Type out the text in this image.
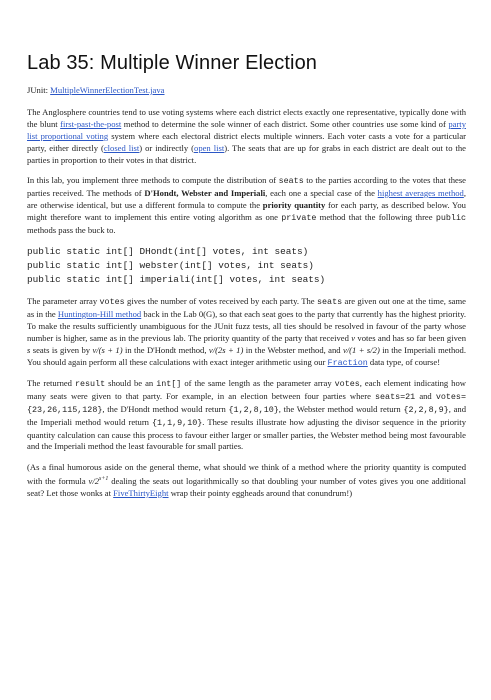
Lab 35: Multiple Winner Election

JUnit: MultipleWinnerElectionTest.java

The Anglosphere countries tend to use voting systems where each district elects exactly one representative, typically done with the blunt first-past-the-post method to determine the sole winner of each district. Some other countries use some kind of party list proportional voting system where each electoral district elects multiple winners. Each voter casts a vote for a particular party, either directly (closed list) or indirectly (open list). The seats that are up for grabs in each district are dealt out to the parties in proportion to their votes in that district.

In this lab, you implement three methods to compute the distribution of seats to the parties according to the votes that these parties received. The methods of D'Hondt, Webster and Imperiali, each one a special case of the highest averages method, are otherwise identical, but use a different formula to compute the priority quantity for each party, as described below. You might therefore want to implement this entire voting algorithm as one private method that the following three public methods pass the buck to.

public static int[] DHondt(int[] votes, int seats)
public static int[] webster(int[] votes, int seats)
public static int[] imperiali(int[] votes, int seats)

The parameter array votes gives the number of votes received by each party. The seats are given out one at the time, same as in the Huntington-Hill method back in the Lab 0(G), so that each seat goes to the party that currently has the highest priority. To make the results sufficiently unambiguous for the JUnit fuzz tests, all ties should be resolved in favour of the party whose number is higher, same as in the previous lab. The priority quantity of the party that received v votes and has so far been given s seats is given by v/(s + 1) in the D'Hondt method, v/(2s + 1) in the Webster method, and v/(1 + s/2) in the Imperiali method. You should again perform all these calculations with exact integer arithmetic using our Fraction data type, of course!

The returned result should be an int[] of the same length as the parameter array votes, each element indicating how many seats were given to that party. For example, in an election between four parties where seats=21 and votes={23,26,115,128}, the D'Hondt method would return {1,2,8,10}, the Webster method would return {2,2,8,9}, and the Imperiali method would return {1,1,9,10}. These results illustrate how adjusting the divisor sequence in the priority quantity calculation can cause this process to favour either larger or smaller parties, the Webster method being most favourable and the Imperiali method the least favourable for small parties.

(As a final humorous aside on the general theme, what should we think of a method where the priority quantity is computed with the formula $v/2^{s+1}$ dealing the seats out logarithmically so that doubling your number of votes gives you one additional seat? Let those wonks at FiveThirtyEight wrap their pointy eggheads around that conundrum!)
